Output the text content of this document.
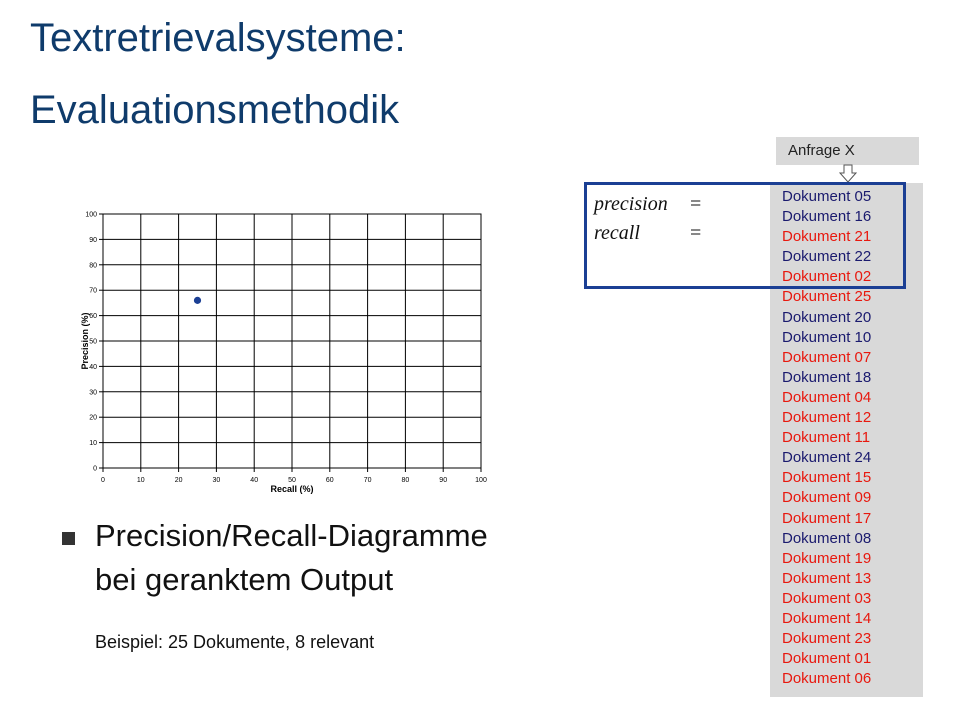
Textretrievalsysteme:
Evaluationsmethodik
0	10	20	30	40	50	60	70	80	90	100
0
10
20
30
40
50
60
70
80
90
100
Recall (%)
Precision (%)
Precision/Recall-Diagramme
bei geranktem Output
Beispiel: 25 Dokumente, 8 relevant
Anfrage X
Dokument 05
Dokument 16
Dokument 21
Dokument 22
Dokument 02
Dokument 25
Dokument 20
Dokument 10
Dokument 07
Dokument 18
Dokument 04
Dokument 12
Dokument 11
Dokument 24
Dokument 15
Dokument 09
Dokument 17
Dokument 08
Dokument 19
Dokument 13
Dokument 03
Dokument 14
Dokument 23
Dokument 01
Dokument 06
precision =
recall	=
